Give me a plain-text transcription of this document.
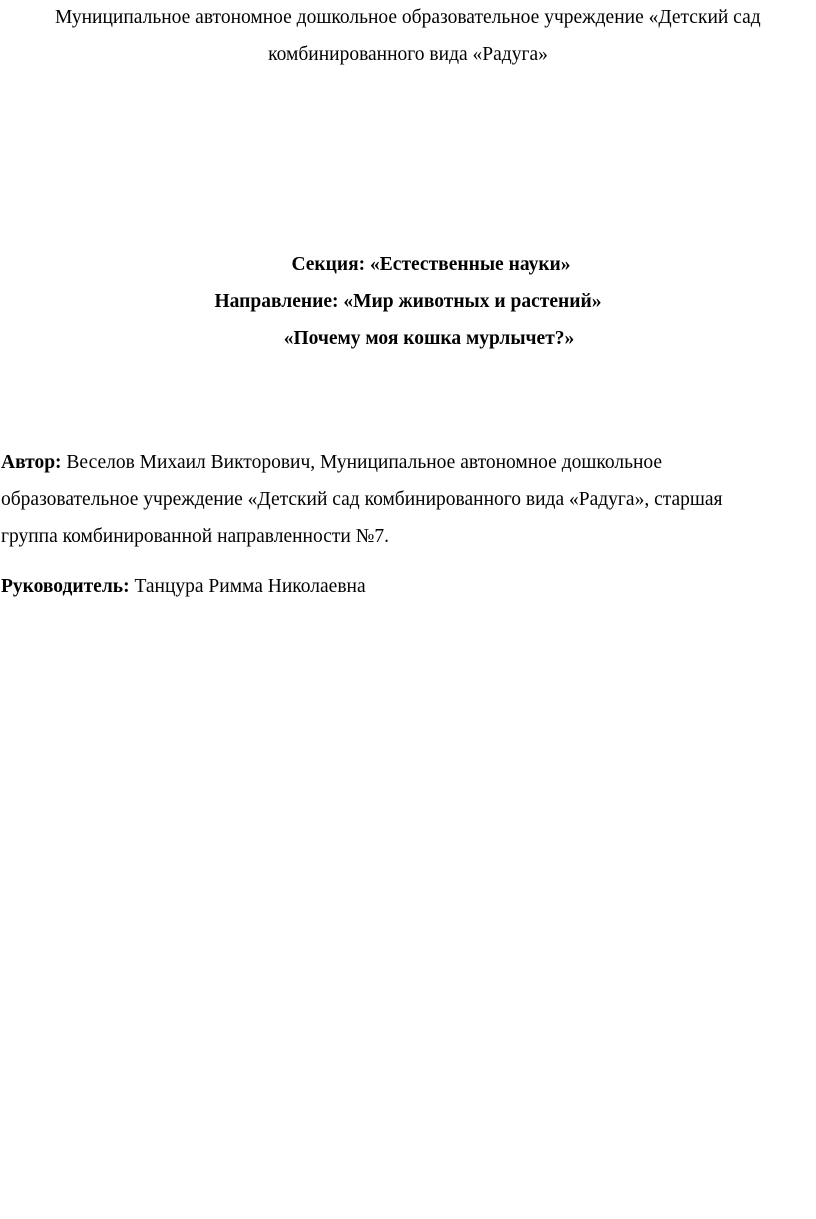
Муниципальное автономное дошкольное образовательное учреждение «Детский сад
комбинированного вида «Радуга»
Секция: «Естественные науки»
Направление: «Мир животных и растений»
«Почему моя кошка мурлычет?»
Автор: Веселов Михаил Викторович, Муниципальное автономное дошкольное
образовательное учреждение «Детский сад комбинированного вида «Радуга», старшая
группа комбинированной направленности №7.
Руководитель: Танцура Римма Николаевна
